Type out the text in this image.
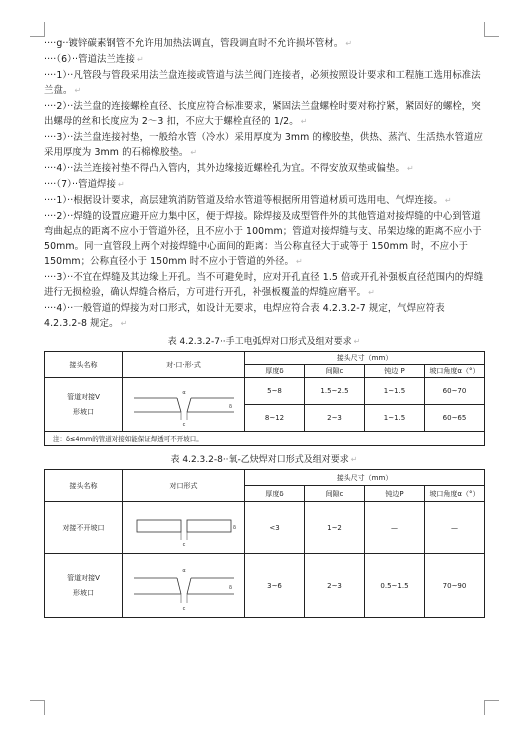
····g··镀锌碳素钢管不允许用加热法调直，管段调直时不允许损坏管材。 ↵

····（6）··管道法兰连接 ↵

····1）··凡管段与管段采用法兰盘连接或管道与法兰阀门连接者，必须按照设计要求和工程施工选用标准法兰盘。 ↵

····2）··法兰盘的连接螺栓直径、长度应符合标准要求，紧固法兰盘螺栓时要对称拧紧，紧固好的螺栓，突出螺母的丝和长度应为 2～3 扣，不应大于螺栓直径的 1/2。 ↵

····3）··法兰盘连接衬垫，一般给水管（冷水）采用厚度为 3mm 的橡胶垫，供热、蒸汽、生活热水管道应采用厚度为 3mm 的石棉橡胶垫。 ↵

····4）··法兰连接衬垫不得凸入管内，其外边缘接近螺栓孔为宜。不得安放双垫或偏垫。 ↵

····（7）··管道焊接 ↵

····1）··根据设计要求，高层建筑消防管道及给水管道等根据所用管道材质可选用电、气焊连接。 ↵

····2）··焊缝的设置应避开应力集中区，便于焊接。除焊接及成型管件外的其他管道对接焊缝的中心到管道弯曲起点的距离不应小于管道外径，且不应小于 100mm；管道对接焊缝与支、吊架边缘的距离不应小于 50mm。同一直管段上两个对接焊缝中心面间的距离：当公称直径大于或等于 150mm 时，不应小于 150mm；公称直径小于 150mm 时不应小于管道的外径。 ↵

····3）··不宜在焊缝及其边缘上开孔。当不可避免时，应对开孔直径 1.5 倍或开孔补强板直径范围内的焊缝进行无损检验，确认焊缝合格后，方可进行开孔，补强板覆盖的焊缝应磨平。 ↵

····4）··一般管道的焊接为对口形式，如设计无要求，电焊应符合表 4.2.3.2-7 规定，气焊应符表 4.2.3.2-8 规定。 ↵

表 4.2.3.2-7··手工电弧焊对口形式及组对要求 ↵
接头名称	对·口·形·式	接头尺寸（mm）			
		厚度δ	间隙c	钝边 P	坡口角度α（°）
管道对接V
形坡口	c
α
δ	5~8	1.5~2.5	1~1.5	60~70
		8~12	2~3	1~1.5	60~65
注：δ≤4mm的管道对接如能保证焊透可不开坡口。					
表 4.2.3.2-8··氧-乙炔焊对口形式及组对要求 ↵
接头名称	对口形式	接头尺寸（mm）			
		厚度δ	间隙c	钝边P	坡口角度α（°）
对接不开坡口	c
δ	<3	1~2	—	—
管道对接V
形坡口	c
α
δ	3~6	2~3	0.5~1.5	70~90
